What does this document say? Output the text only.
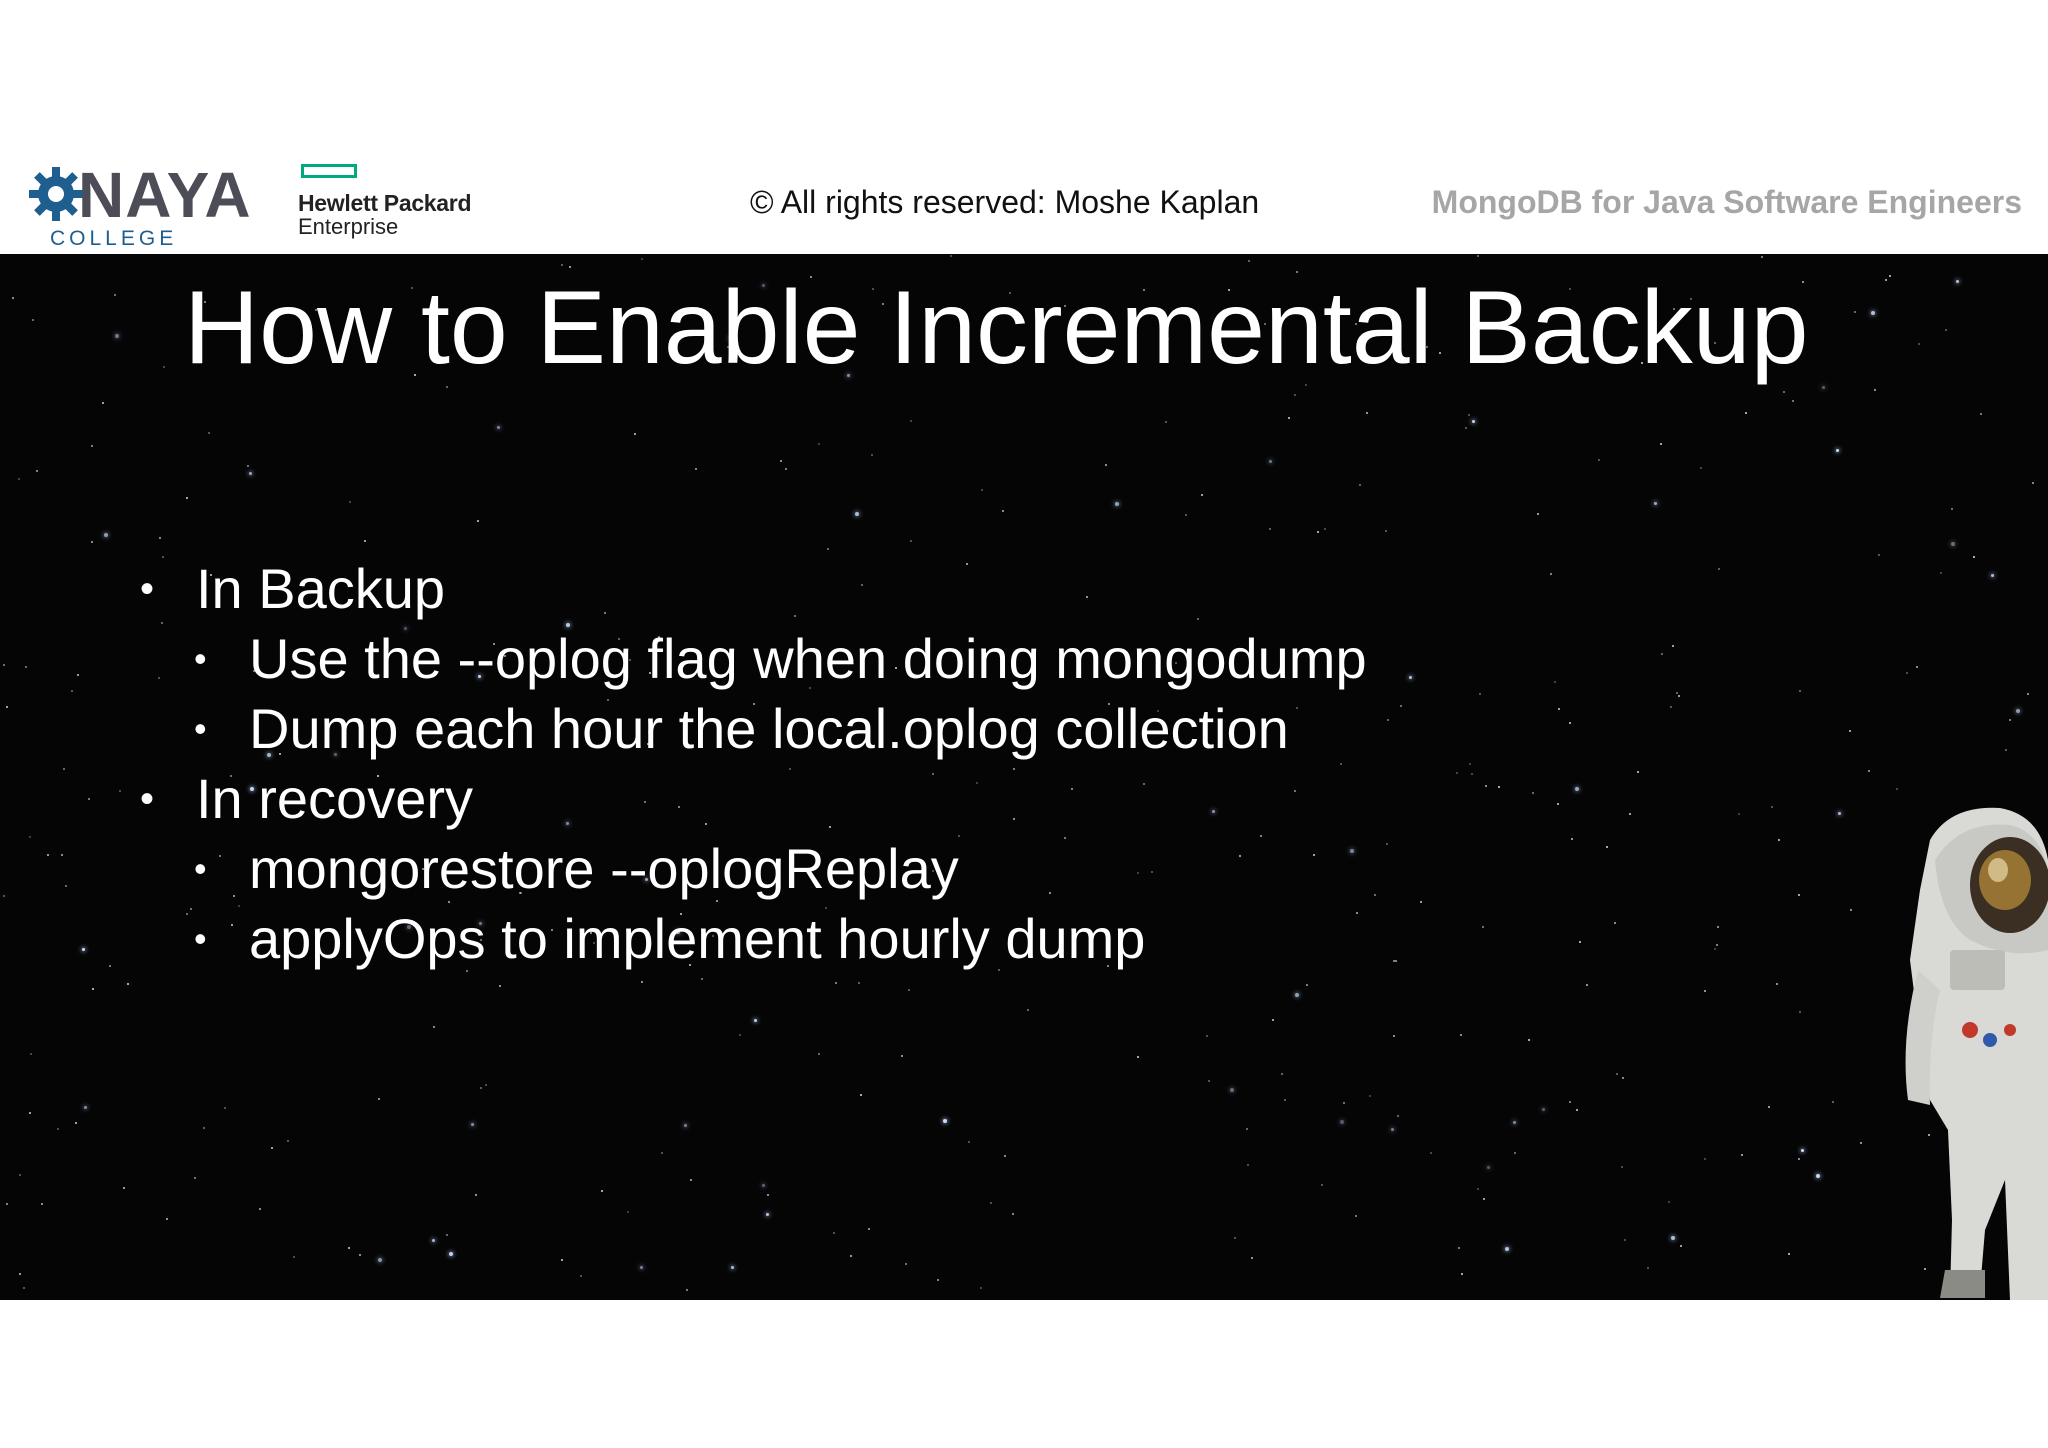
NAYA
COLLEGE
Hewlett Packard
Enterprise
© All rights reserved: Moshe Kaplan	MongoDB for Java Software Engineers
How to Enable Incremental Backup
• In Backup
• Use the --oplog flag when doing mongodump
• Dump each hour the local.oplog collection
• In recovery
• mongorestore --oplogReplay
• applyOps to implement hourly dump
